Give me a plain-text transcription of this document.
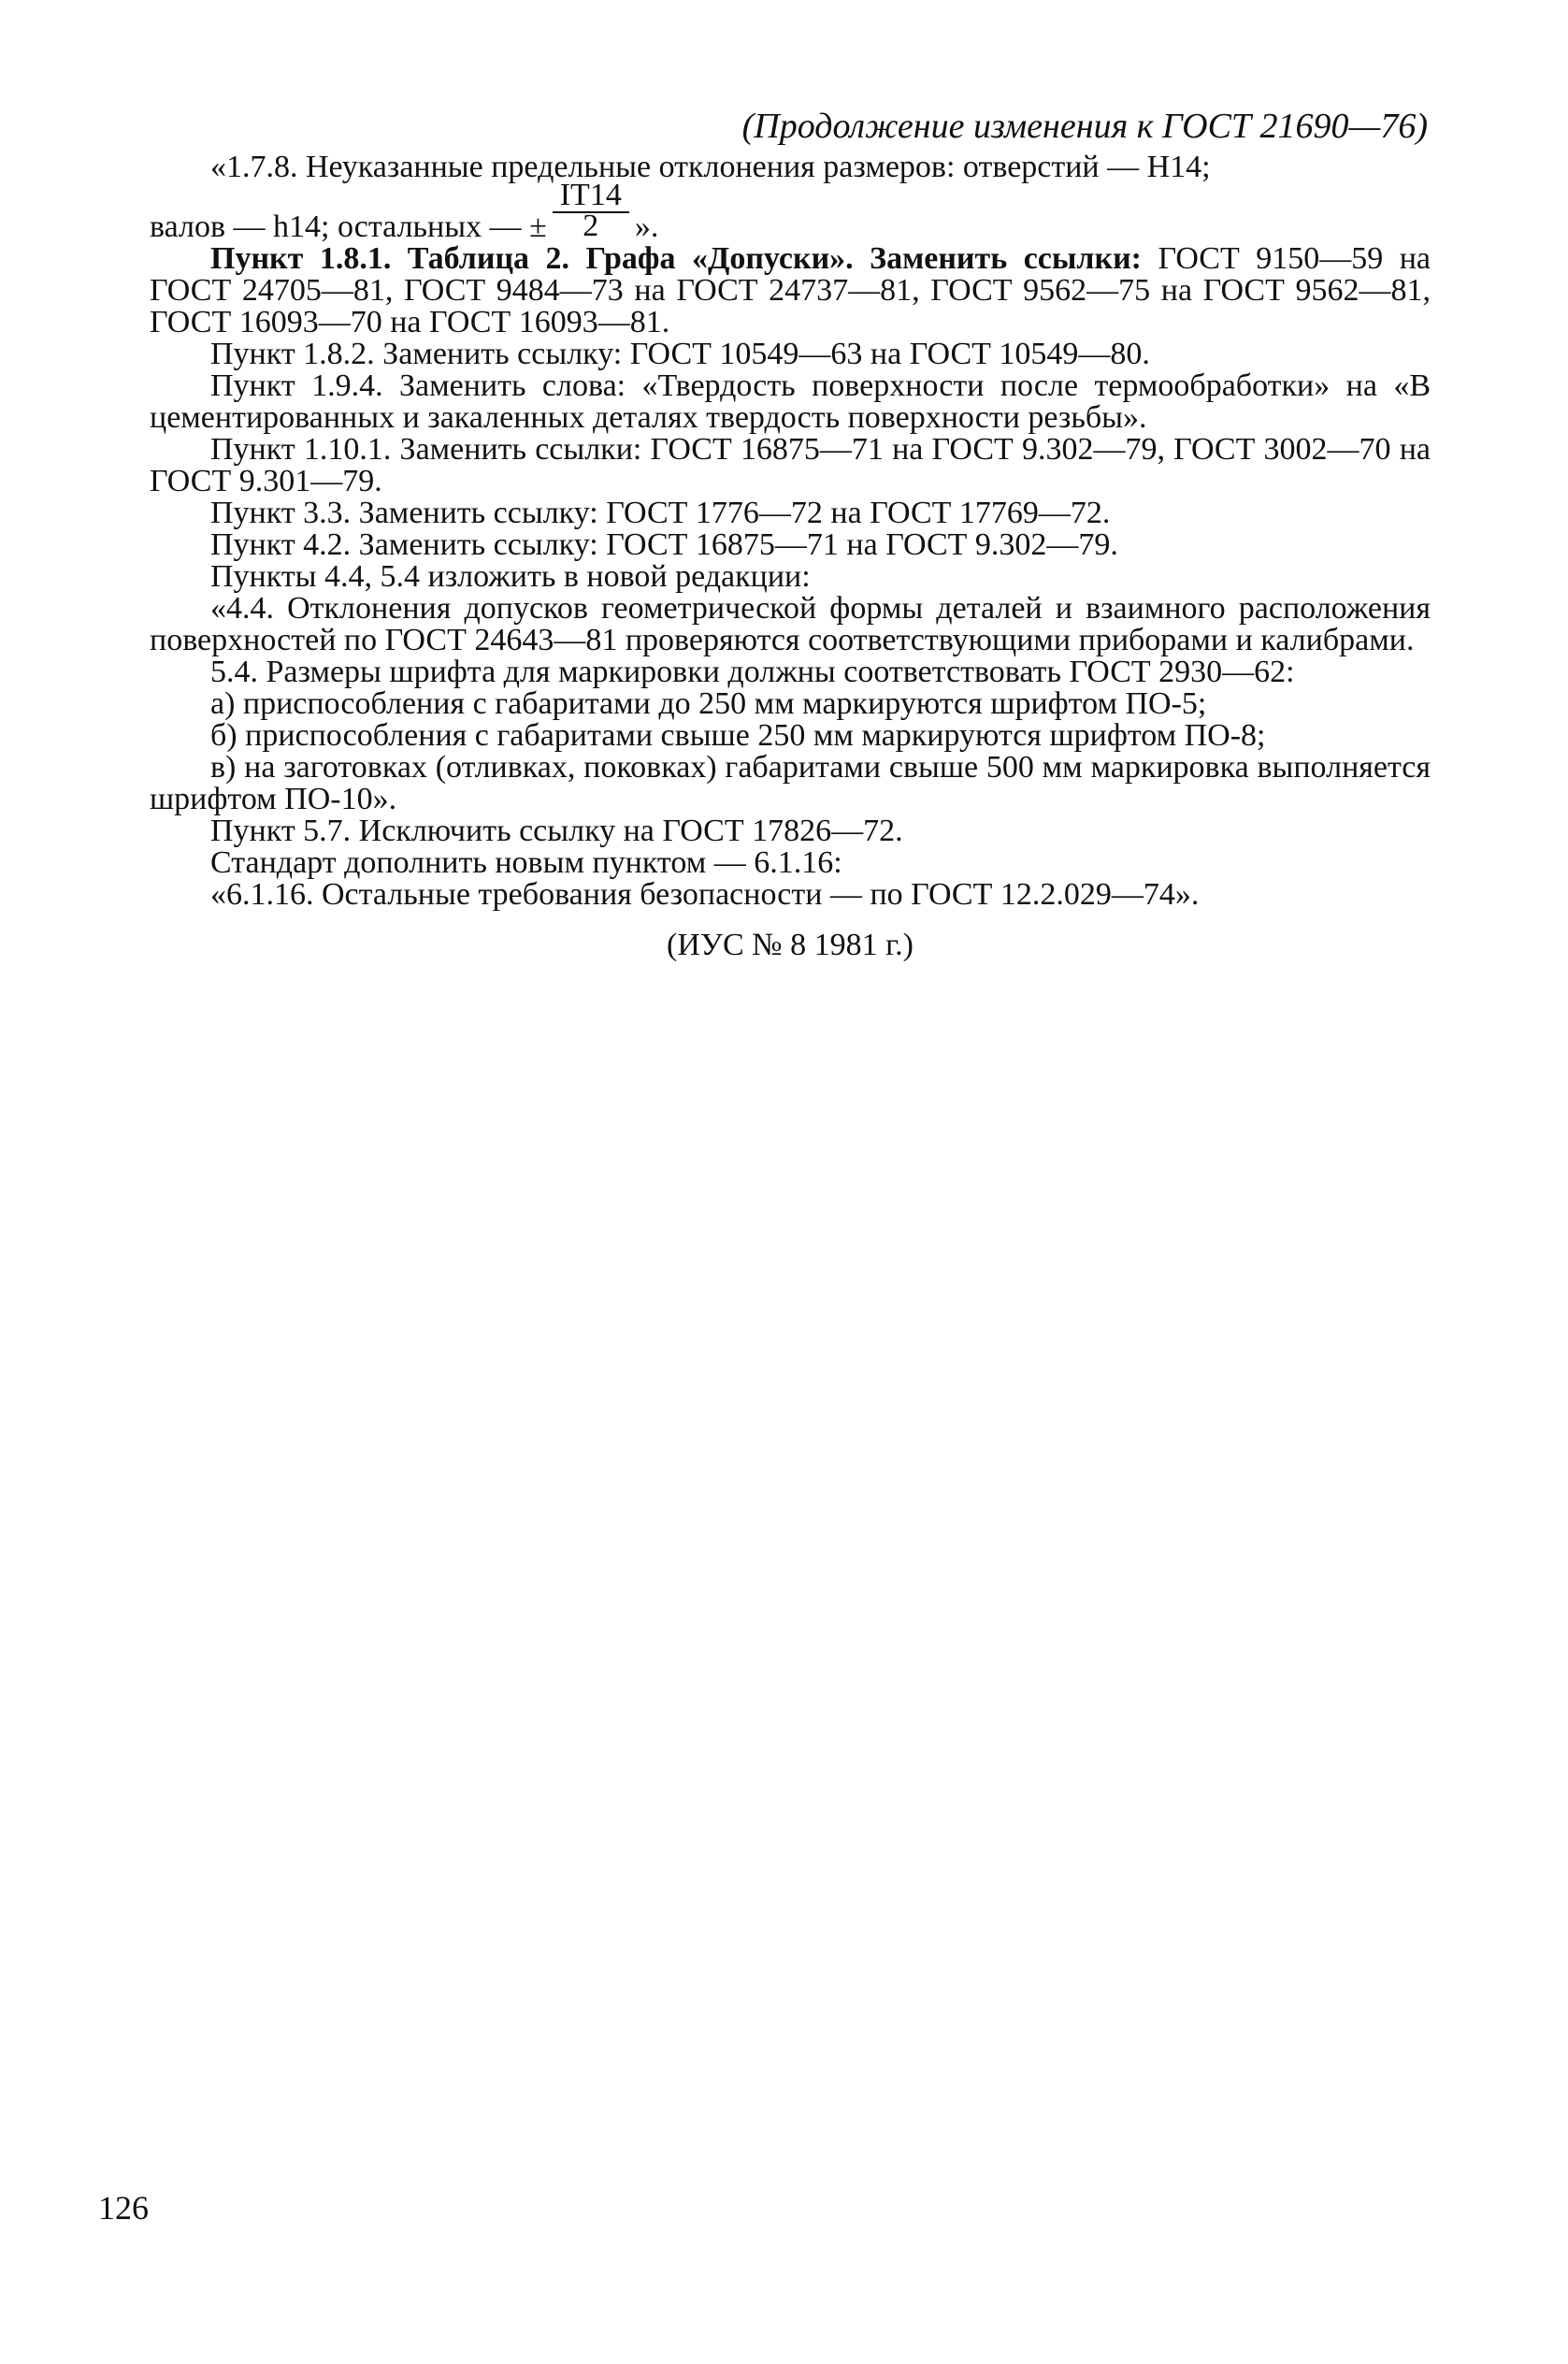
(Продолжение изменения к ГОСТ 21690—76)

«1.7.8. Неуказанные предельные отклонения размеров: отверстий — Н14;

валов — h14; остальных — ± $\frac{IT14}{2}$ ».

Пункт 1.8.1. Таблица 2. Графа «Допуски». Заменить ссылки: ГОСТ 9150—59 на ГОСТ 24705—81, ГОСТ 9484—73 на ГОСТ 24737—81, ГОСТ 9562—75 на ГОСТ 9562—81, ГОСТ 16093—70 на ГОСТ 16093—81.

Пункт 1.8.2. Заменить ссылку: ГОСТ 10549—63 на ГОСТ 10549—80.

Пункт 1.9.4. Заменить слова: «Твердость поверхности после термообработки» на «В цементированных и закаленных деталях твердость поверхности резьбы».

Пункт 1.10.1. Заменить ссылки: ГОСТ 16875—71 на ГОСТ 9.302—79, ГОСТ 3002—70 на ГОСТ 9.301—79.

Пункт 3.3. Заменить ссылку: ГОСТ 1776—72 на ГОСТ 17769—72.

Пункт 4.2. Заменить ссылку: ГОСТ 16875—71 на ГОСТ 9.302—79.

Пункты 4.4, 5.4 изложить в новой редакции:

«4.4. Отклонения допусков геометрической формы деталей и взаимного расположения поверхностей по ГОСТ 24643—81 проверяются соответствующими приборами и калибрами.

5.4. Размеры шрифта для маркировки должны соответствовать ГОСТ 2930—62:

а) приспособления с габаритами до 250 мм маркируются шрифтом ПО-5;

б) приспособления с габаритами свыше 250 мм маркируются шрифтом ПО-8;

в) на заготовках (отливках, поковках) габаритами свыше 500 мм маркировка выполняется шрифтом ПО-10».

Пункт 5.7. Исключить ссылку на ГОСТ 17826—72.

Стандарт дополнить новым пунктом — 6.1.16:

«6.1.16. Остальные требования безопасности — по ГОСТ 12.2.029—74».

(ИУС № 8 1981 г.)

126
